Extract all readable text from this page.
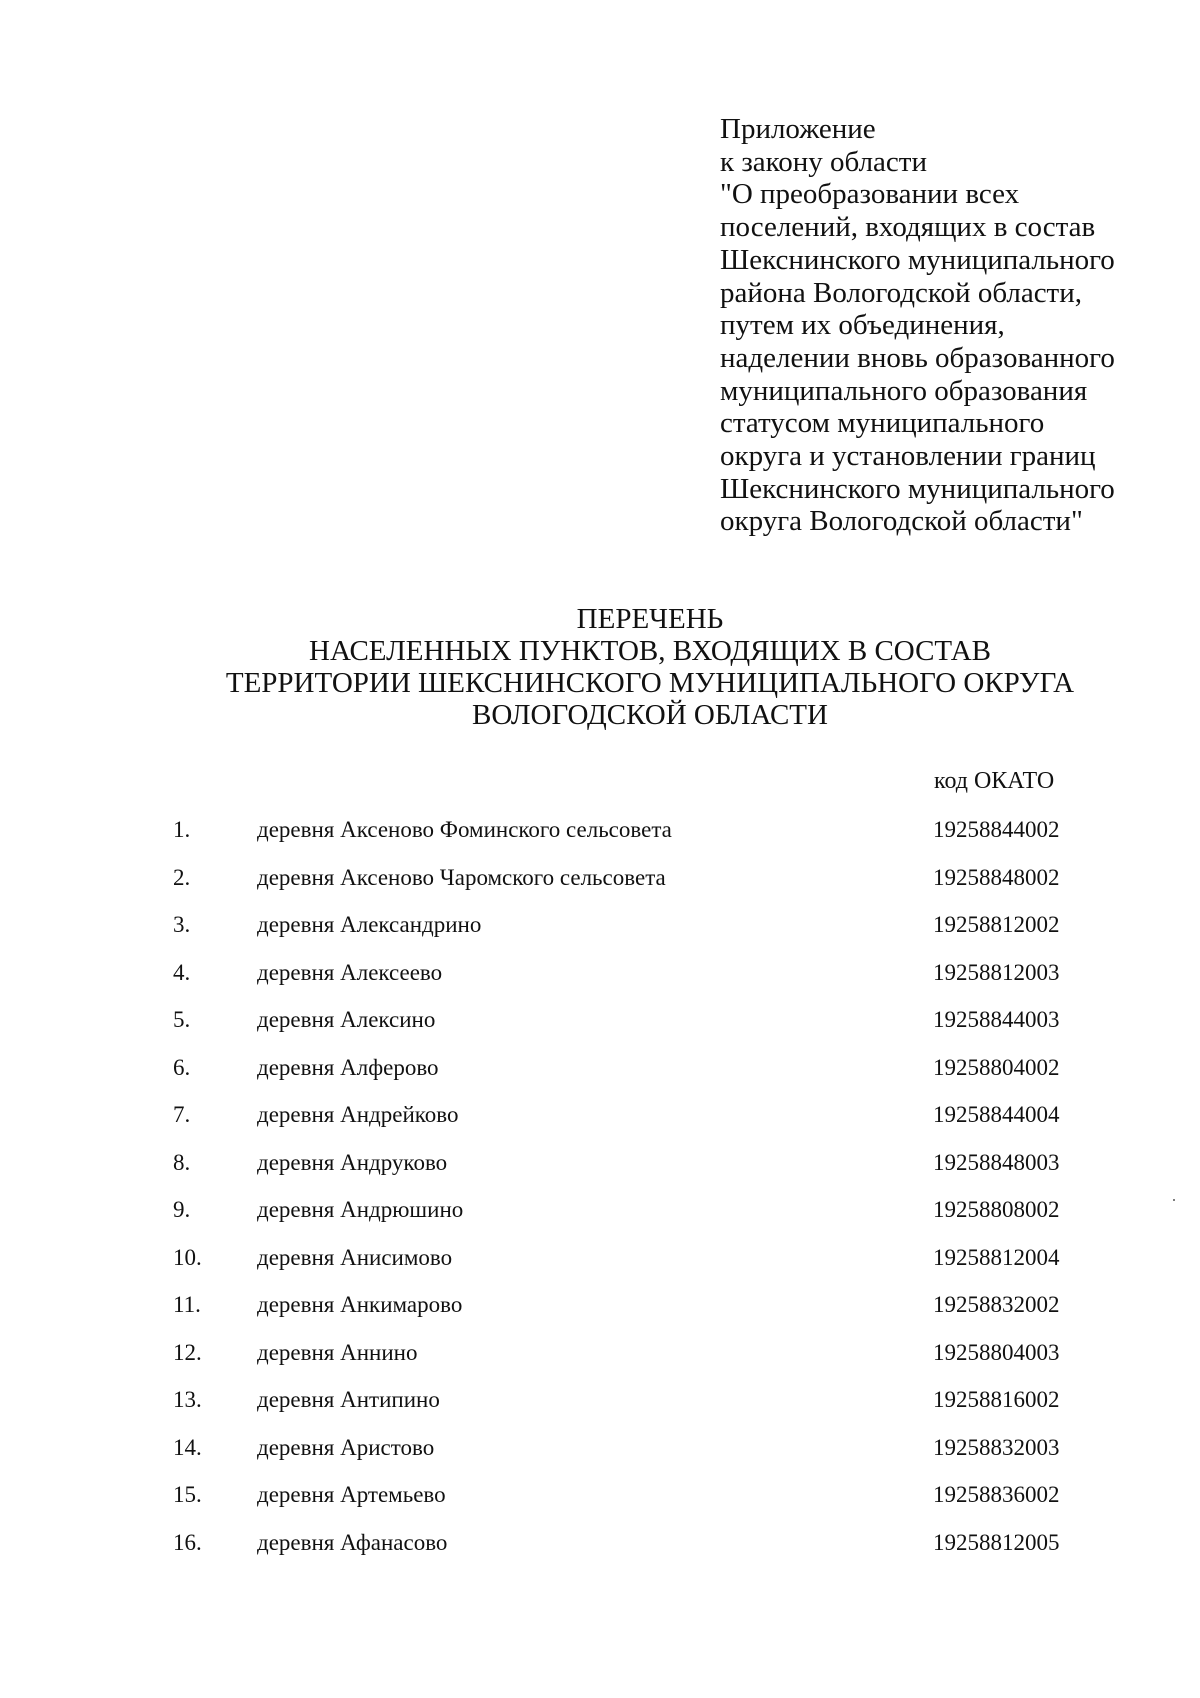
Приложение
к закону области
"О преобразовании всех
поселений, входящих в состав
Шекснинского муниципального
района Вологодской области,
путем их объединения,
наделении вновь образованного
муниципального образования
статусом муниципального
округа и установлении границ
Шекснинского муниципального
округа Вологодской области"
ПЕРЕЧЕНЬ
НАСЕЛЕННЫХ ПУНКТОВ, ВХОДЯЩИХ В СОСТАВ
ТЕРРИТОРИИ ШЕКСНИНСКОГО МУНИЦИПАЛЬНОГО ОКРУГА
ВОЛОГОДСКОЙ ОБЛАСТИ
код ОКАТО
1.	деревня Аксеново Фоминского сельсовета	19258844002
2.	деревня Аксеново Чаромского сельсовета	19258848002
3.	деревня Александрино	19258812002
4.	деревня Алексеево	19258812003
5.	деревня Алексино	19258844003
6.	деревня Алферово	19258804002
7.	деревня Андрейково	19258844004
8.	деревня Андруково	19258848003
9.	деревня Андрюшино	19258808002
10. деревня Анисимово	19258812004
11. деревня Анкимарово	19258832002
12. деревня Аннино	19258804003
13. деревня Антипино	19258816002
14. деревня Аристово	19258832003
15. деревня Артемьево	19258836002
16. деревня Афанасово	19258812005
